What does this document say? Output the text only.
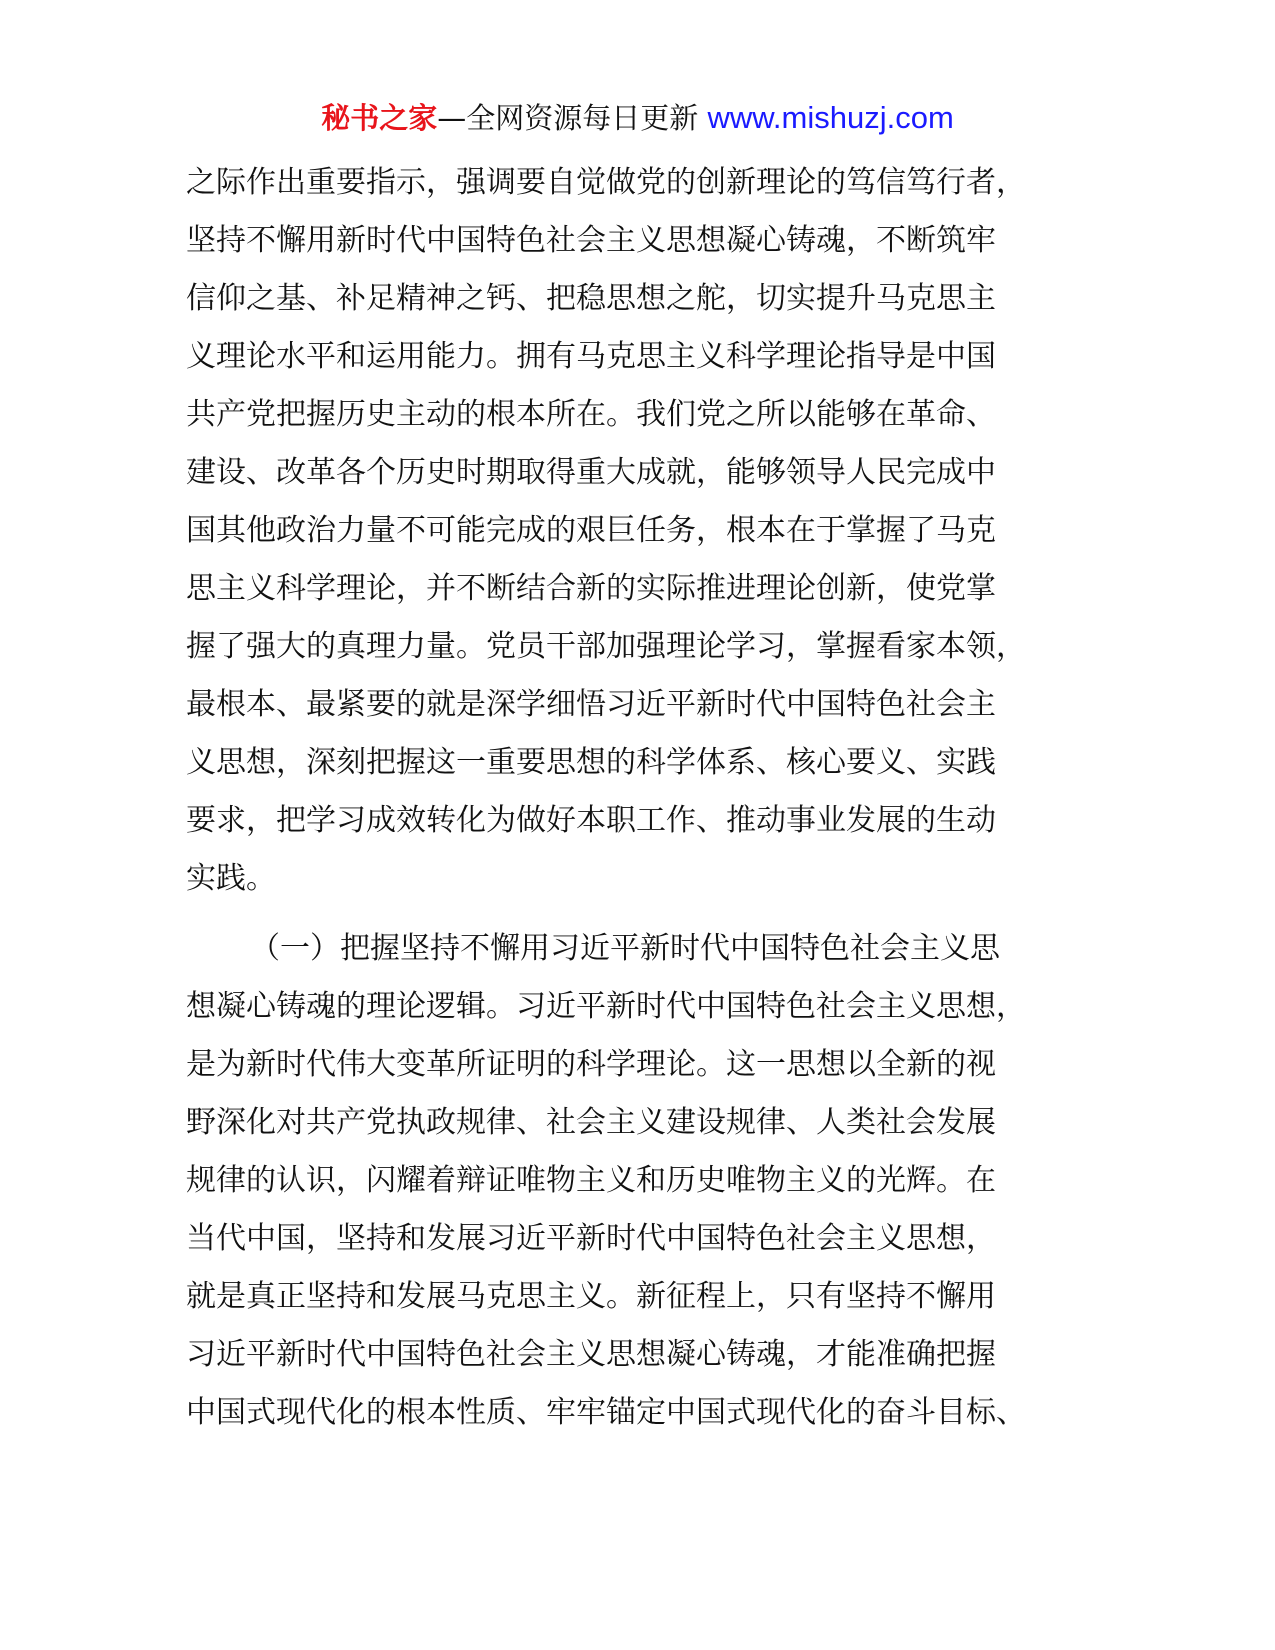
秘书之家—全网资源每日更新 www.mishuzj.com
之际作出重要指示，强调要自觉做党的创新理论的笃信笃行者，
坚持不懈用新时代中国特色社会主义思想凝心铸魂，不断筑牢
信仰之基、补足精神之钙、把稳思想之舵，切实提升马克思主
义理论水平和运用能力。拥有马克思主义科学理论指导是中国
共产党把握历史主动的根本所在。我们党之所以能够在革命、
建设、改革各个历史时期取得重大成就，能够领导人民完成中
国其他政治力量不可能完成的艰巨任务，根本在于掌握了马克
思主义科学理论，并不断结合新的实际推进理论创新，使党掌
握了强大的真理力量。党员干部加强理论学习，掌握看家本领，
最根本、最紧要的就是深学细悟习近平新时代中国特色社会主
义思想，深刻把握这一重要思想的科学体系、核心要义、实践
要求，把学习成效转化为做好本职工作、推动事业发展的生动
实践。
（一）把握坚持不懈用习近平新时代中国特色社会主义思
想凝心铸魂的理论逻辑。习近平新时代中国特色社会主义思想，
是为新时代伟大变革所证明的科学理论。这一思想以全新的视
野深化对共产党执政规律、社会主义建设规律、人类社会发展
规律的认识，闪耀着辩证唯物主义和历史唯物主义的光辉。在
当代中国，坚持和发展习近平新时代中国特色社会主义思想，
就是真正坚持和发展马克思主义。新征程上，只有坚持不懈用
习近平新时代中国特色社会主义思想凝心铸魂，才能准确把握
中国式现代化的根本性质、牢牢锚定中国式现代化的奋斗目标、
